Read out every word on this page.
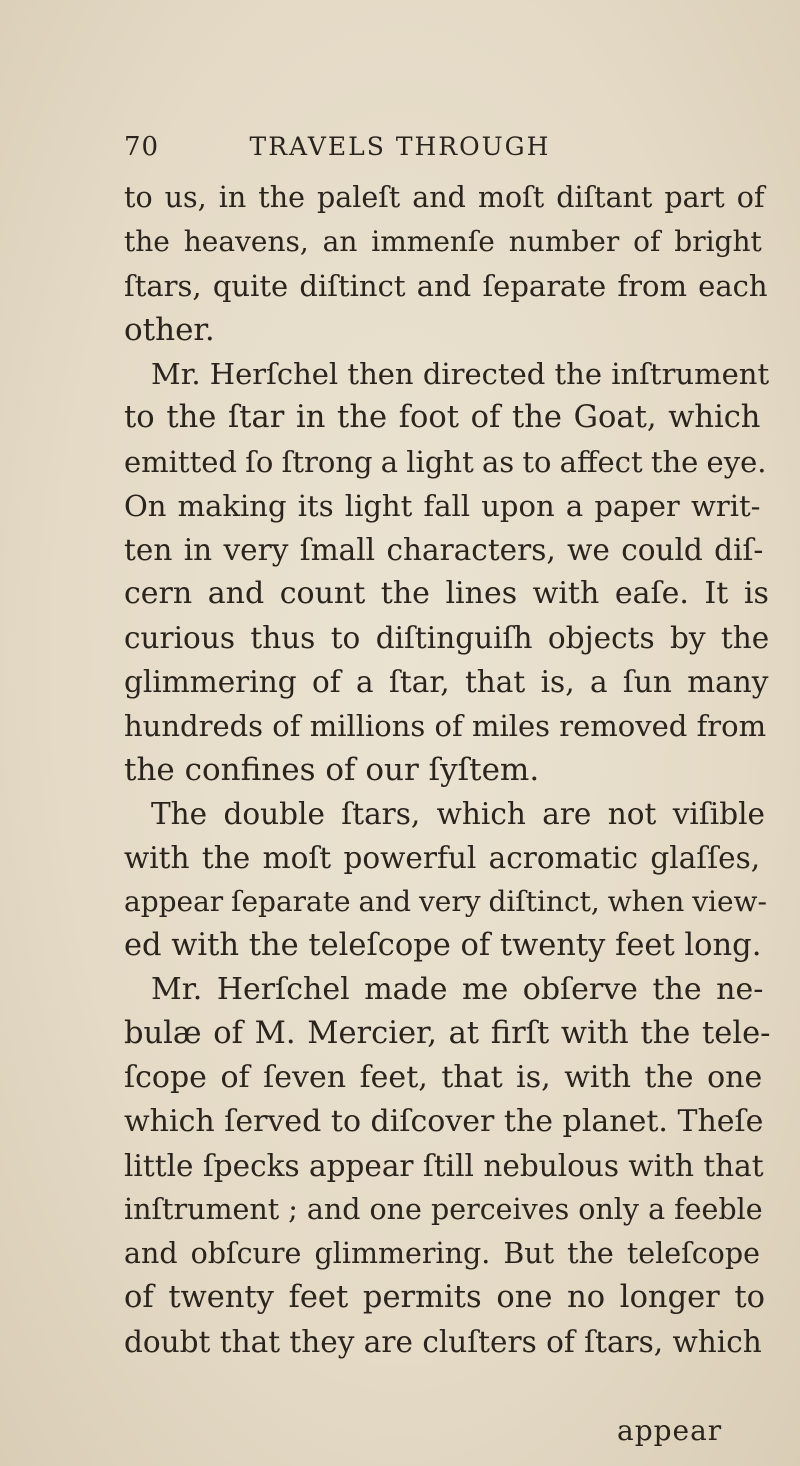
70	TRAVELS THROUGH
to us, in the paleſt and moſt diſtant part of
the heavens, an immenſe number of bright
ſtars, quite diſtinct and ſeparate from each
other.
Mr. Herſchel then directed the inſtrument
to the ſtar in the foot of the Goat, which
emitted ſo ſtrong a light as to affect the eye.
On making its light fall upon a paper writ-
ten in very ſmall characters, we could diſ-
cern and count the lines with eaſe. It is
curious thus to diſtinguiſh objects by the
glimmering of a ſtar, that is, a ſun many
hundreds of millions of miles removed from
the confines of our ſyſtem.
The double ſtars, which are not viſible
with the moſt powerful acromatic glaſſes,
appear ſeparate and very diſtinct, when view-
ed with the teleſcope of twenty feet long.
Mr. Herſchel made me obſerve the ne-
bulæ of M. Mercier, at firſt with the tele-
ſcope of ſeven feet, that is, with the one
which ſerved to diſcover the planet. Theſe
little ſpecks appear ſtill nebulous with that
inſtrument ; and one perceives only a feeble
and obſcure glimmering. But the teleſcope
of twenty feet permits one no longer to
doubt that they are cluſters of ſtars, which
appear
